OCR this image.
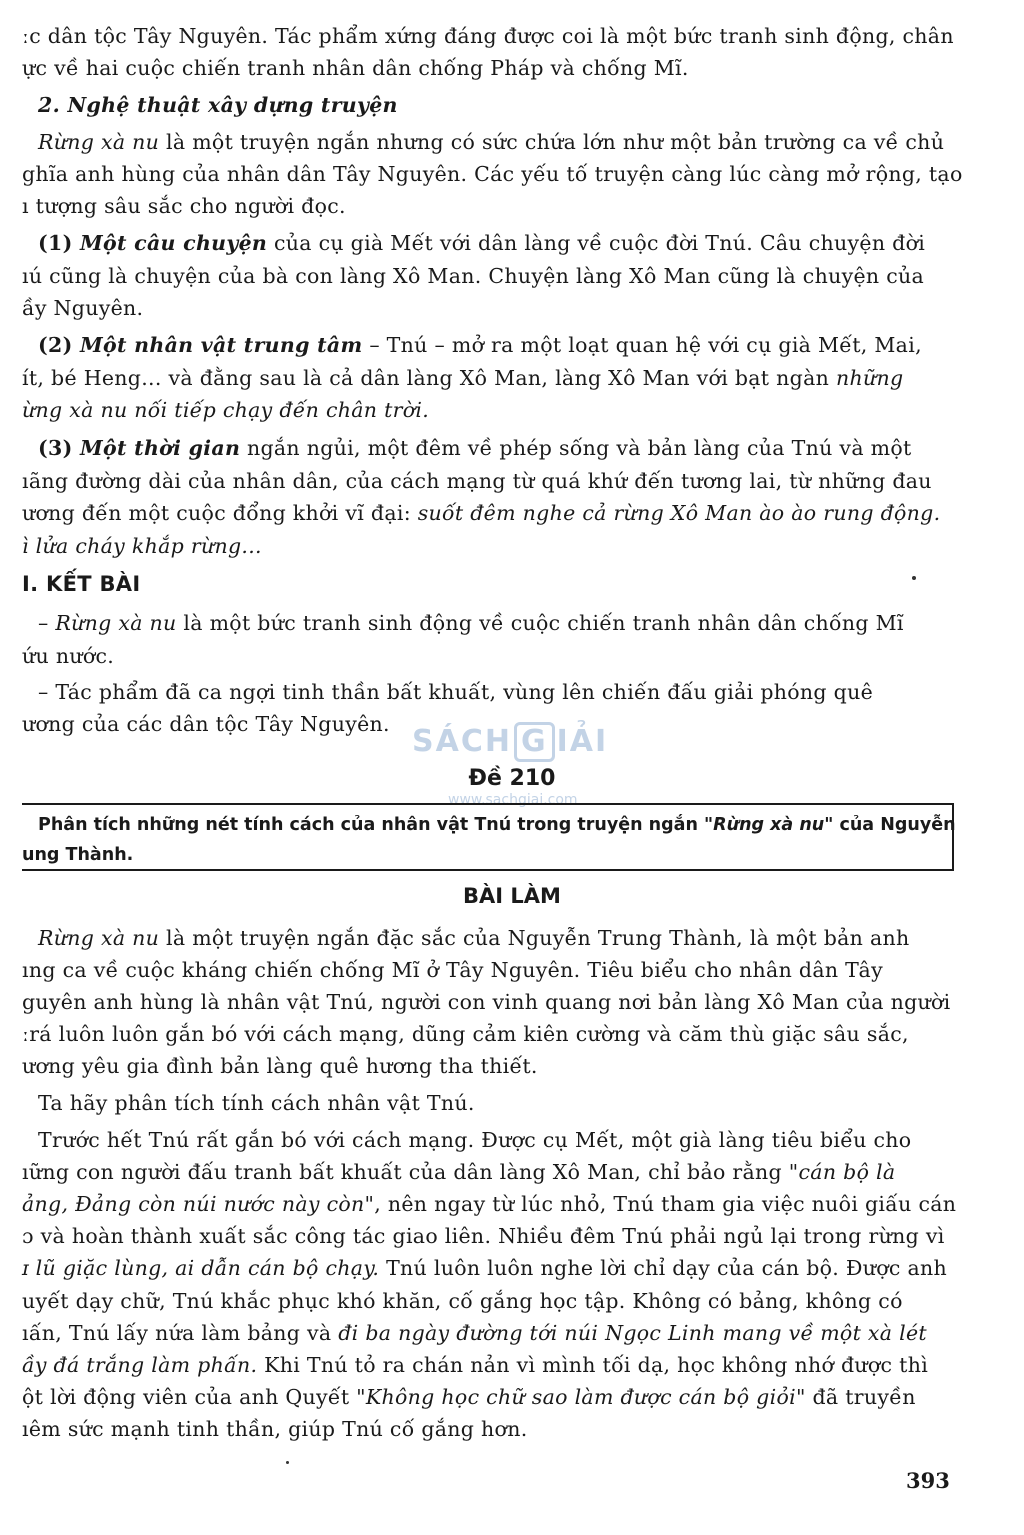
ːc dân tộc Tây Nguyên. Tác phẩm xứng đáng được coi là một bức tranh sinh động, chân
ực về hai cuộc chiến tranh nhân dân chống Pháp và chống Mĩ.
2. Nghệ thuật xây dựng truyện
Rừng xà nu là một truyện ngắn nhưng có sức chứa lớn như một bản trường ca về chủ
ghĩa anh hùng của nhân dân Tây Nguyên. Các yếu tố truyện càng lúc càng mở rộng, tạo
ı tượng sâu sắc cho người đọc.
(1) Một câu chuyện của cụ già Mết với dân làng về cuộc đời Tnú. Câu chuyện đời
ıú cũng là chuyện của bà con làng Xô Man. Chuyện làng Xô Man cũng là chuyện của
ầy Nguyên.
(2) Một nhân vật trung tâm – Tnú – mở ra một loạt quan hệ với cụ già Mết, Mai,
ít, bé Heng... và đằng sau là cả dân làng Xô Man, làng Xô Man với bạt ngàn những
ừng xà nu nối tiếp chạy đến chân trời.
(3) Một thời gian ngắn ngủi, một đêm về phép sống và bản làng của Tnú và một
ıãng đường dài của nhân dân, của cách mạng từ quá khứ đến tương lai, từ những đau
ương đến một cuộc đổng khởi vĩ đại: suốt đêm nghe cả rừng Xô Man ào ào rung động.
ì lửa cháy khắp rừng...
I. KẾT BÀI
– Rừng xà nu là một bức tranh sinh động về cuộc chiến tranh nhân dân chống Mĩ
ứu nước.
– Tác phẩm đã ca ngợi tinh thần bất khuất, vùng lên chiến đấu giải phóng quê
ương của các dân tộc Tây Nguyên. SÁCH G IẢI
www.sachgiai.com
Đề 210
Phân tích những nét tính cách của nhân vật Tnú trong truyện ngắn "Rừng xà nu" của Nguyễn
ung Thành.
BÀI LÀM
Rừng xà nu là một truyện ngắn đặc sắc của Nguyễn Trung Thành, là một bản anh
ıng ca về cuộc kháng chiến chống Mĩ ở Tây Nguyên. Tiêu biểu cho nhân dân Tây
guyên anh hùng là nhân vật Tnú, người con vinh quang nơi bản làng Xô Man của người
ːrá luôn luôn gắn bó với cách mạng, dũng cảm kiên cường và căm thù giặc sâu sắc,
ương yêu gia đình bản làng quê hương tha thiết.
Ta hãy phân tích tính cách nhân vật Tnú.
Trước hết Tnú rất gắn bó với cách mạng. Được cụ Mết, một già làng tiêu biểu cho
ıững con người đấu tranh bất khuất của dân làng Xô Man, chỉ bảo rằng "cán bộ là
ảng, Đảng còn núi nước này còn", nên ngay từ lúc nhỏ, Tnú tham gia việc nuôi giấu cán
ɔ và hoàn thành xuất sắc công tác giao liên. Nhiều đêm Tnú phải ngủ lại trong rừng vì
ɪ lũ giặc lùng, ai dẫn cán bộ chạy. Tnú luôn luôn nghe lời chỉ dạy của cán bộ. Được anh
uyết dạy chữ, Tnú khắc phục khó khăn, cố gắng học tập. Không có bảng, không có
ıấn, Tnú lấy nứa làm bảng và đi ba ngày đường tới núi Ngọc Linh mang về một xà lét
ầy đá trắng làm phấn. Khi Tnú tỏ ra chán nản vì mình tối dạ, học không nhớ được thì
ột lời động viên của anh Quyết "Không học chữ sao làm được cán bộ giỏi" đã truyền
ıêm sức mạnh tinh thần, giúp Tnú cố gắng hơn.
393
